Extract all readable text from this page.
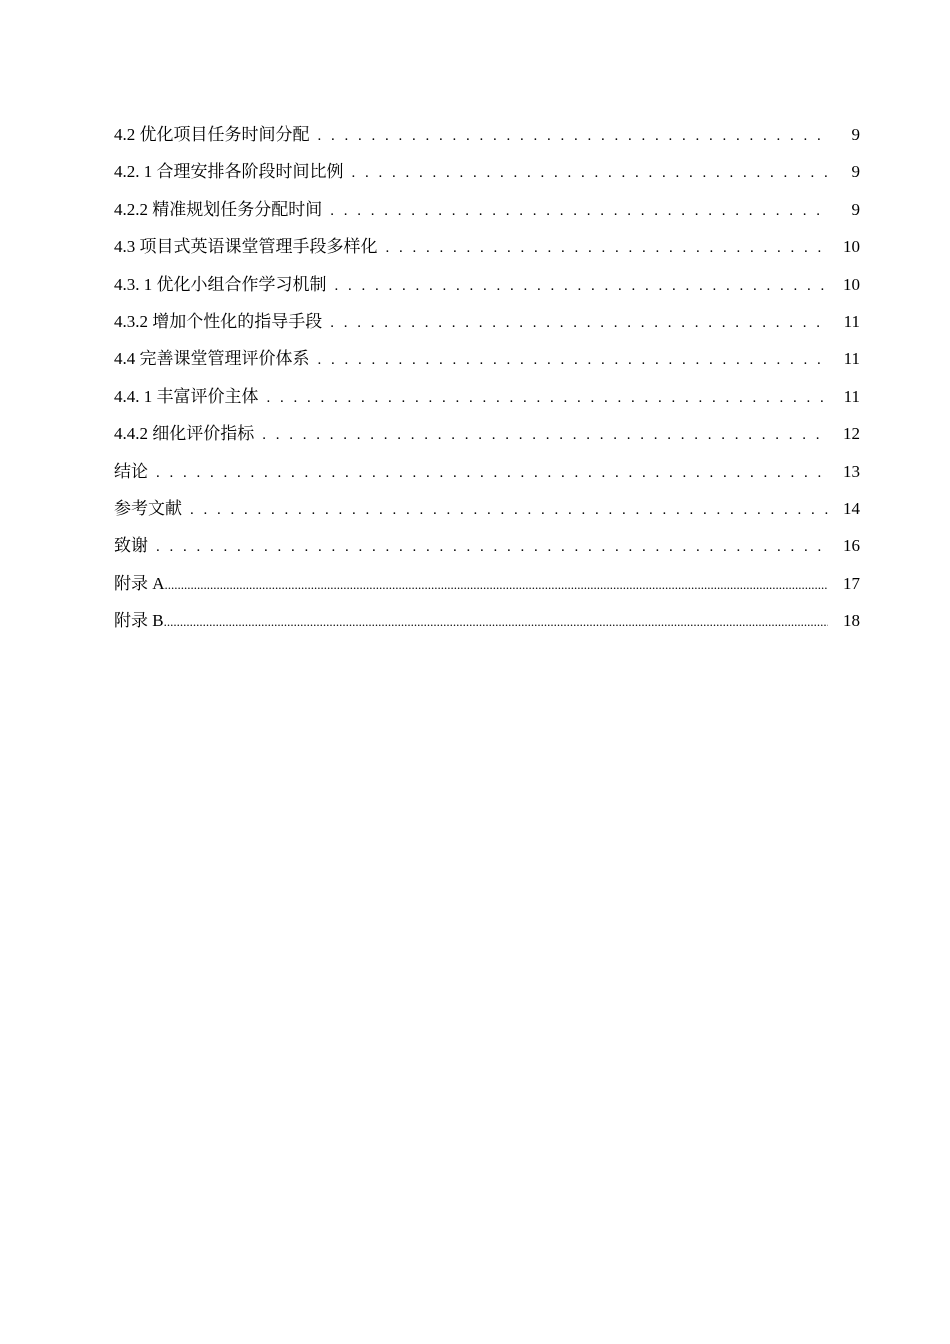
4.2 优化项目任务时间分配 . . .	9
4.2. 1 合理安排各阶段时间比例 . . .	9
4.2.2 精准规划任务分配时间 . . .	9
4.3 项目式英语课堂管理手段多样化 . . .	10
4.3. 1 优化小组合作学习机制 . . .	10
4.3.2 增加个性化的指导手段 . . .	11
4.4 完善课堂管理评价体系 . . .	11
4.4. 1 丰富评价主体 . . .	11
4.4.2 细化评价指标 . . .	12
结论 . . .	13
参考文献 . . .	14
致谢 . . .	16
附录 A .....	17
附录 B .....	18
